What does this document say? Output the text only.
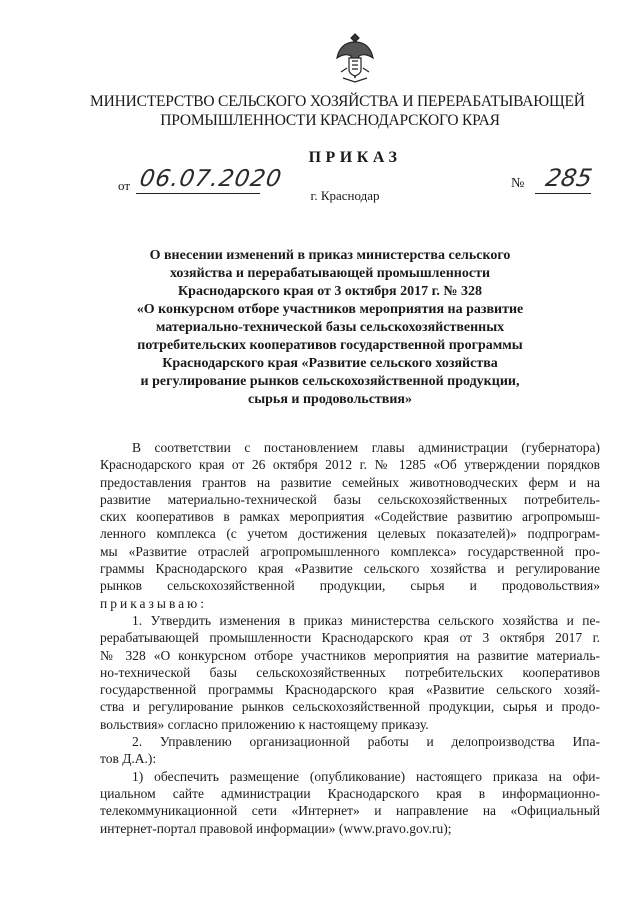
МИНИСТЕРСТВО СЕЛЬСКОГО ХОЗЯЙСТВА И ПЕРЕРАБАТЫВАЮЩЕЙ
ПРОМЫШЛЕННОСТИ КРАСНОДАРСКОГО КРАЯ
ПРИКАЗ
от 06.07.2020	№ 285
г. Краснодар
О внесении изменений в приказ министерства сельского
хозяйства и перерабатывающей промышленности
Краснодарского края от 3 октября 2017 г. № 328
«О конкурсном отборе участников мероприятия на развитие
материально-технической базы сельскохозяйственных
потребительских кооперативов государственной программы
Краснодарского края «Развитие сельского хозяйства
и регулирование рынков сельскохозяйственной продукции,
сырья и продовольствия»
В соответствии с постановлением главы администрации (губернатора)
Краснодарского края от 26 октября 2012 г. № 1285 «Об утверждении порядков
предоставления грантов на развитие семейных животноводческих ферм и на
развитие материально-технической базы сельскохозяйственных потребитель-
ских кооперативов в рамках мероприятия «Содействие развитию агропромыш-
ленного комплекса (с учетом достижения целевых показателей)» подпрограм-
мы «Развитие отраслей агропромышленного комплекса» государственной про-
граммы Краснодарского края «Развитие сельского хозяйства и регулирование
рынков сельскохозяйственной продукции, сырья и продовольствия»
приказываю:
1. Утвердить изменения в приказ министерства сельского хозяйства и пе-
рерабатывающей промышленности Краснодарского края от 3 октября 2017 г.
№ 328 «О конкурсном отборе участников мероприятия на развитие материаль-
но-технической базы сельскохозяйственных потребительских кооперативов
государственной программы Краснодарского края «Развитие сельского хозяй-
ства и регулирование рынков сельскохозяйственной продукции, сырья и продо-
вольствия» согласно приложению к настоящему приказу.
2. Управлению организационной работы и делопроизводства Ипа-
тов Д.А.):
1) обеспечить размещение (опубликование) настоящего приказа на офи-
циальном сайте администрации Краснодарского края в информационно-
телекоммуникационной сети «Интернет» и направление на «Официальный
интернет-портал правовой информации» (www.pravo.gov.ru);
